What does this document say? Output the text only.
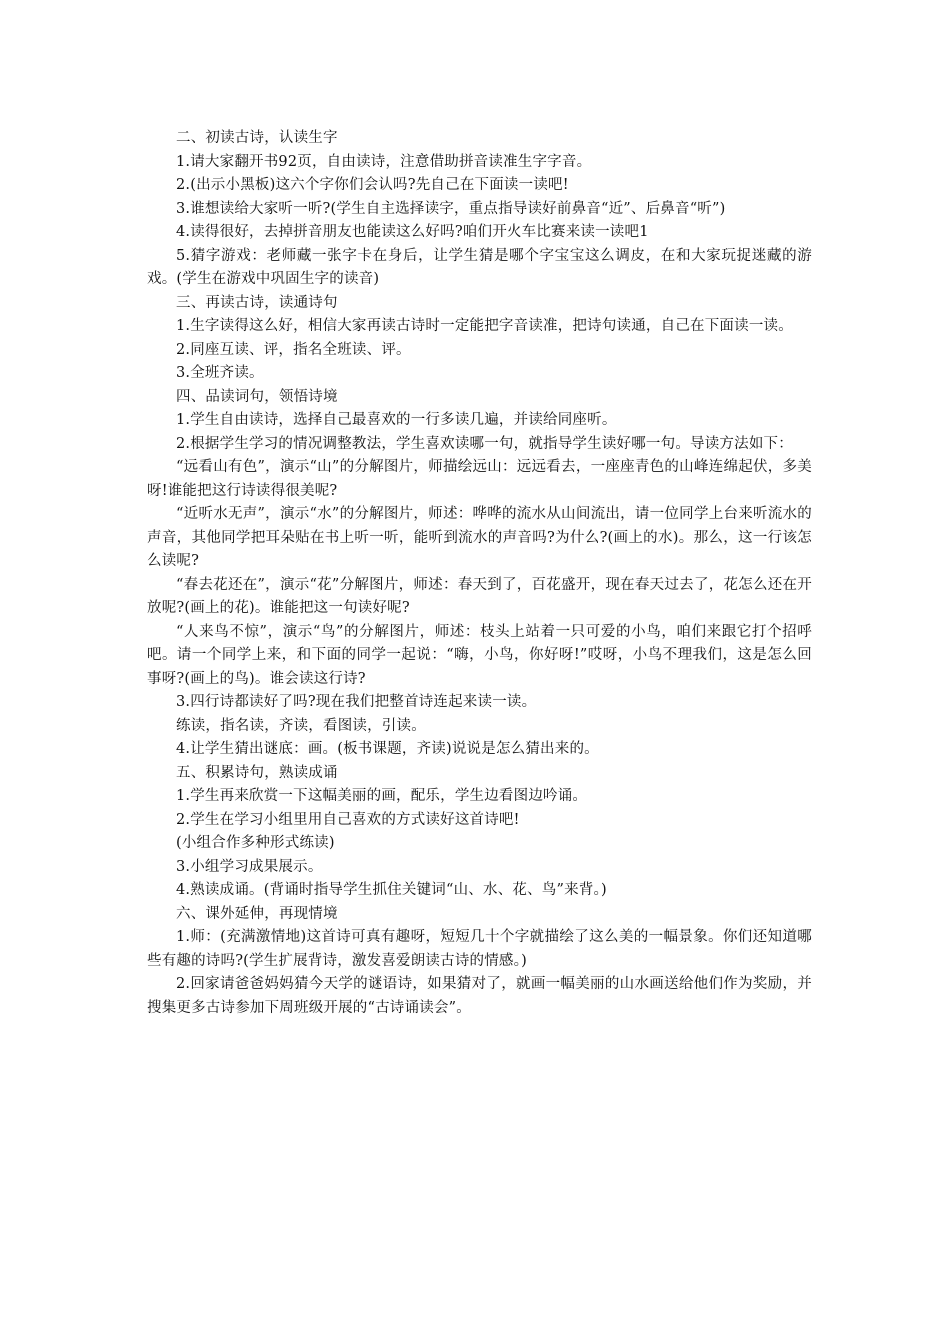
二、初读古诗，认读生字

1.请大家翻开书92页，自由读诗，注意借助拼音读准生字字音。

2.(出示小黑板)这六个字你们会认吗?先自己在下面读一读吧!

3.谁想读给大家听一听?(学生自主选择读字，重点指导读好前鼻音“近”、后鼻音“听”)

4.读得很好，去掉拼音朋友也能读这么好吗?咱们开火车比赛来读一读吧1

5.猜字游戏：老师藏一张字卡在身后，让学生猜是哪个字宝宝这么调皮，在和大家玩捉迷藏的游戏。(学生在游戏中巩固生字的读音)

三、再读古诗，读通诗句

1.生字读得这么好，相信大家再读古诗时一定能把字音读准，把诗句读通，自己在下面读一读。

2.同座互读、评，指名全班读、评。

3.全班齐读。

四、品读词句，领悟诗境

1.学生自由读诗，选择自己最喜欢的一行多读几遍，并读给同座听。

2.根据学生学习的情况调整教法，学生喜欢读哪一句，就指导学生读好哪一句。导读方法如下：

“远看山有色”，演示“山”的分解图片，师描绘远山：远远看去，一座座青色的山峰连绵起伏，多美呀!谁能把这行诗读得很美呢?

“近听水无声”，演示“水”的分解图片，师述：哗哗的流水从山间流出，请一位同学上台来听流水的声音，其他同学把耳朵贴在书上听一听，能听到流水的声音吗?为什么?(画上的水)。那么，这一行该怎么读呢?

“春去花还在”，演示“花”分解图片，师述：春天到了，百花盛开，现在春天过去了，花怎么还在开放呢?(画上的花)。谁能把这一句读好呢?

“人来鸟不惊”，演示“鸟”的分解图片，师述：枝头上站着一只可爱的小鸟，咱们来跟它打个招呼吧。请一个同学上来，和下面的同学一起说：“嗨，小鸟，你好呀!”哎呀，小鸟不理我们，这是怎么回事呀?(画上的鸟)。谁会读这行诗?

3.四行诗都读好了吗?现在我们把整首诗连起来读一读。

练读，指名读，齐读，看图读，引读。

4.让学生猜出谜底：画。(板书课题，齐读)说说是怎么猜出来的。

五、积累诗句，熟读成诵

1.学生再来欣赏一下这幅美丽的画，配乐，学生边看图边吟诵。

2.学生在学习小组里用自己喜欢的方式读好这首诗吧!

(小组合作多种形式练读)

3.小组学习成果展示。

4.熟读成诵。(背诵时指导学生抓住关键词“山、水、花、鸟”来背。)

六、课外延伸，再现情境

1.师：(充满激情地)这首诗可真有趣呀，短短几十个字就描绘了这么美的一幅景象。你们还知道哪些有趣的诗吗?(学生扩展背诗，激发喜爱朗读古诗的情感。)

2.回家请爸爸妈妈猜今天学的谜语诗，如果猜对了，就画一幅美丽的山水画送给他们作为奖励，并搜集更多古诗参加下周班级开展的“古诗诵读会”。
